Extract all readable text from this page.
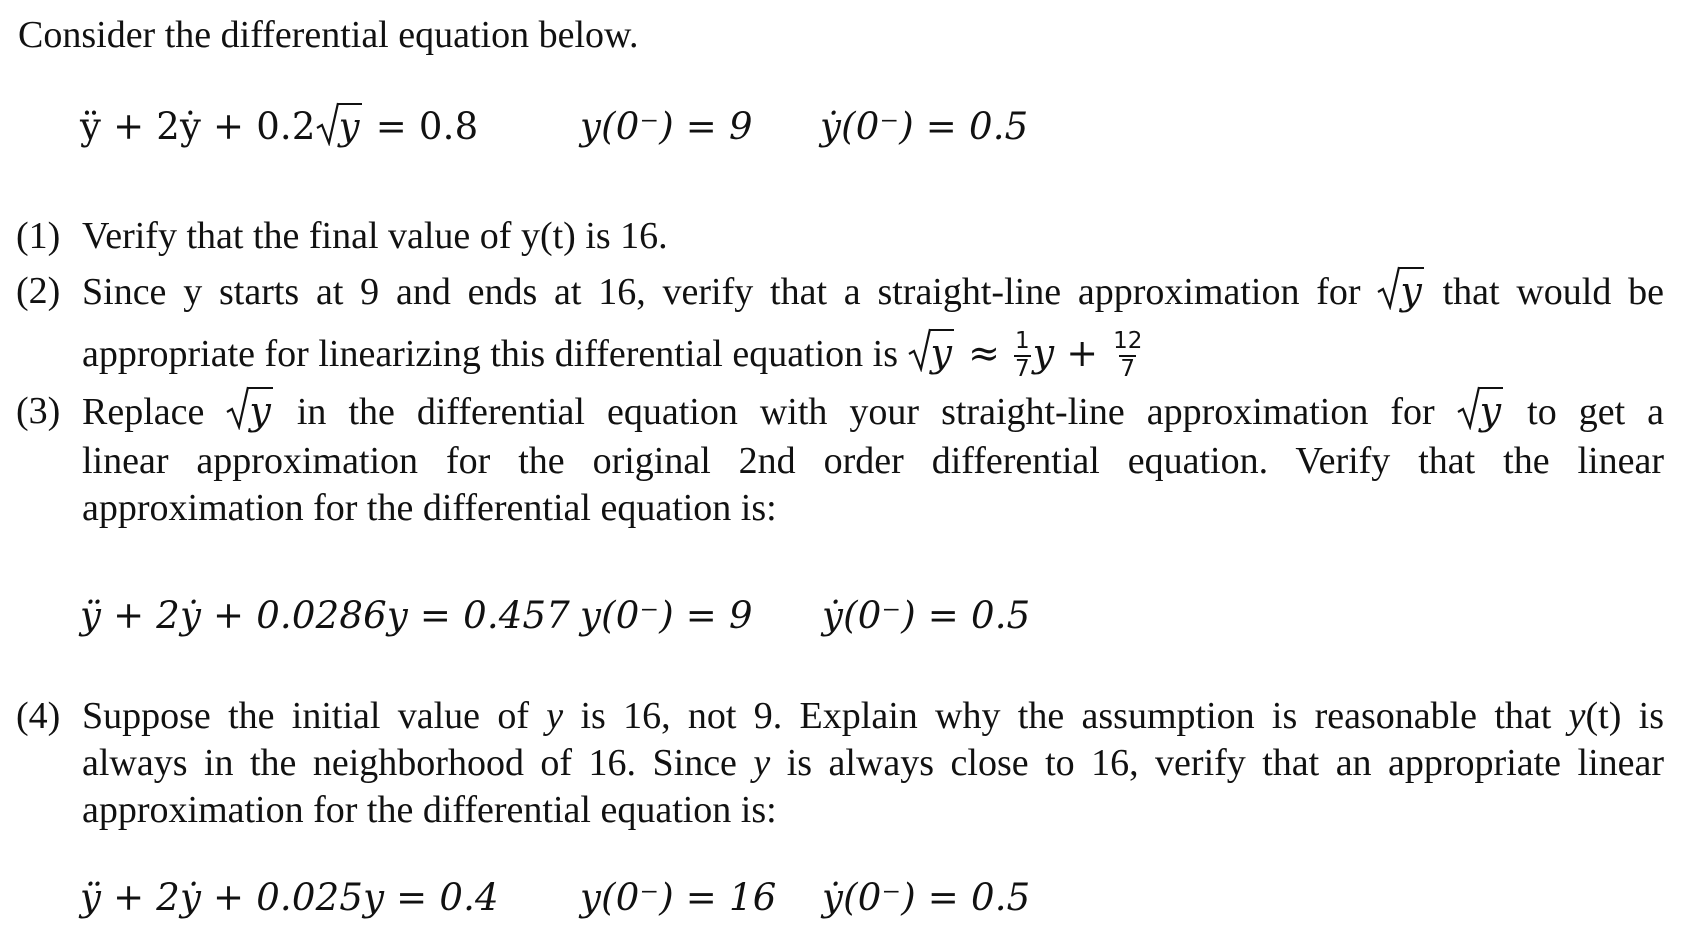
Consider the differential equation below.
ÿ + 2ẏ + 0.2 y = 0.8	y(0⁻) = 9 ẏ(0⁻) = 0.5
(1) Verify that the final value of y(t) is 16.
(2) Since y starts at 9 and ends at 16, verify that a straight-line approximation for y that would be
appropriate for linearizing this differential equation is $y \approx \frac{1}{7}$ $y + \frac{12}{7}$
(3) Replace y in the differential equation with your straight-line approximation for y to get a
linear approximation for the original 2nd order differential equation. Verify that the linear
approximation for the differential equation is:
ÿ + 2ẏ + 0.0286y = 0.457 y(0⁻) = 9 ẏ(0⁻) = 0.5
(4) Suppose the initial value of y is 16, not 9. Explain why the assumption is reasonable that y(t) is
always in the neighborhood of 16. Since y is always close to 16, verify that an appropriate linear
approximation for the differential equation is:
ÿ + 2ẏ + 0.025y = 0.4 y(0⁻) = 16 ẏ(0⁻) = 0.5
